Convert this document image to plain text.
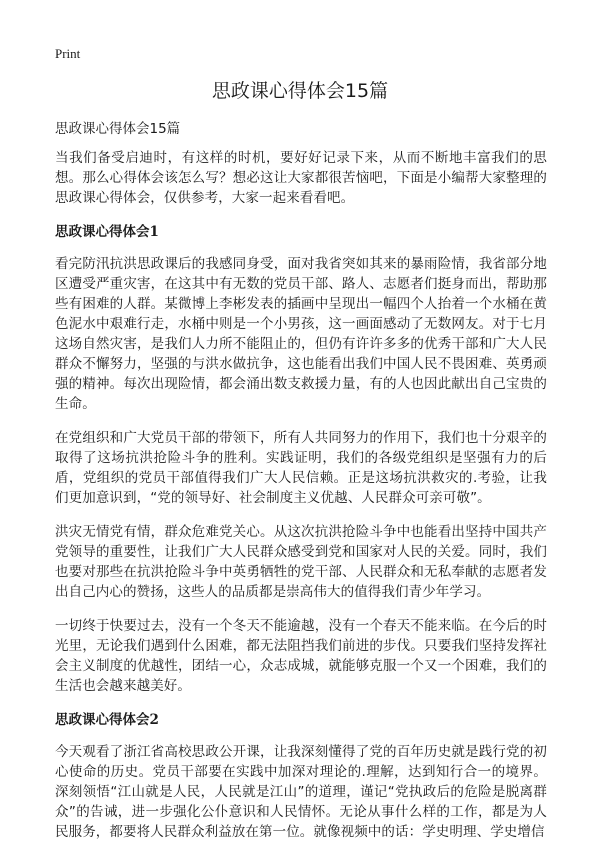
Print
思政课心得体会15篇
思政课心得体会15篇

当我们备受启迪时，有这样的时机，要好好记录下来，从而不断地丰富我们的思想。那么心得体会该怎么写？想必这让大家都很苦恼吧，下面是小编帮大家整理的思政课心得体会，仅供参考，大家一起来看看吧。

思政课心得体会1

看完防汛抗洪思政课后的我感同身受，面对我省突如其来的暴雨险情，我省部分地区遭受严重灾害，在这其中有无数的党员干部、路人、志愿者们挺身而出，帮助那些有困难的人群。某微博上李彬发表的插画中呈现出一幅四个人抬着一个水桶在黄色泥水中艰难行走，水桶中则是一个小男孩，这一画面感动了无数网友。对于七月这场自然灾害，是我们人力所不能阻止的，但仍有许许多多的优秀干部和广大人民群众不懈努力，坚强的与洪水做抗争，这也能看出我们中国人民不畏困难、英勇顽强的精神。每次出现险情，都会涌出数支救援力量，有的人也因此献出自己宝贵的生命。

在党组织和广大党员干部的带领下，所有人共同努力的作用下，我们也十分艰辛的取得了这场抗洪抢险斗争的胜利。实践证明，我们的各级党组织是坚强有力的后盾，党组织的党员干部值得我们广大人民信赖。正是这场抗洪救灾的.考验，让我们更加意识到，“党的领导好、社会制度主义优越、人民群众可亲可敬”。

洪灾无情党有情，群众危难党关心。从这次抗洪抢险斗争中也能看出坚持中国共产党领导的重要性，让我们广大人民群众感受到党和国家对人民的关爱。同时，我们也要对那些在抗洪抢险斗争中英勇牺牲的党干部、人民群众和无私奉献的志愿者发出自己内心的赞扬，这些人的品质都是崇高伟大的值得我们青少年学习。

一切终于快要过去，没有一个冬天不能逾越，没有一个春天不能来临。在今后的时光里，无论我们遇到什么困难，都无法阻挡我们前进的步伐。只要我们坚持发挥社会主义制度的优越性，团结一心，众志成城，就能够克服一个又一个困难，我们的生活也会越来越美好。

思政课心得体会2

今天观看了浙江省高校思政公开课，让我深刻懂得了党的百年历史就是践行党的初心使命的历史。党员干部要在实践中加深对理论的.理解，达到知行合一的境界。深刻领悟“江山就是人民，人民就是江山”的道理，谨记“党执政后的危险是脱离群众”的告诫，进一步强化公仆意识和人民情怀。无论从事什么样的工作，都是为人民服务，都要将人民群众利益放在第一位。就像视频中的话：学史明理、学史增信
